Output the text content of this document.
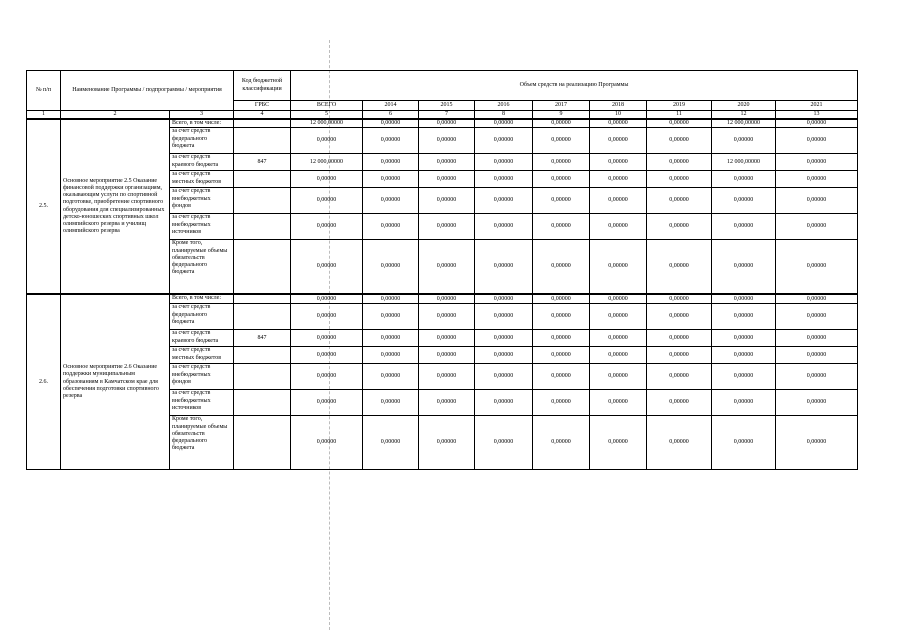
№ п/п	Наименование Программы / подпрограммы / мероприятия		Код бюджетной классификации	Объем средств на реализацию Программы								
			ГРБС	ВСЕГО	2014	2015	2016	2017	2018	2019	2020	2021
1	2	3	4	5	6	7	8	9	10	11	12	13
2.5.	Основное мероприятие 2.5 Оказание финансовой поддержки организациям, оказывающим услуги по спортивной подготовке, приобретение спортивного оборудования для специализированных детско-юношеских спортивных школ олимпийского резерва и училищ олимпийского резерва	Всего, в том числе:		12 000,00000	0,00000	0,00000	0,00000	0,00000	0,00000	0,00000	12 000,00000	0,00000
		за счет средств федерального бюджета		0,00000	0,00000	0,00000	0,00000	0,00000	0,00000	0,00000	0,00000	0,00000
		за счет средств краевого бюджета	847	12 000,00000	0,00000	0,00000	0,00000	0,00000	0,00000	0,00000	12 000,00000	0,00000
		за счет средств местных бюджетов		0,00000	0,00000	0,00000	0,00000	0,00000	0,00000	0,00000	0,00000	0,00000
		за счет средств внебюджетных фондов		0,00000	0,00000	0,00000	0,00000	0,00000	0,00000	0,00000	0,00000	0,00000
		за счет средств внебюджетных источников		0,00000	0,00000	0,00000	0,00000	0,00000	0,00000	0,00000	0,00000	0,00000
		Кроме того, планируемые объемы обязательств федерального бюджета		0,00000	0,00000	0,00000	0,00000	0,00000	0,00000	0,00000	0,00000	0,00000
2.6.	Основное мероприятие 2.6 Оказание поддержки муниципальным образованиям в Камчатском крае для обеспечения подготовки спортивного резерва	Всего, в том числе:		0,00000	0,00000	0,00000	0,00000	0,00000	0,00000	0,00000	0,00000	0,00000
		за счет средств федерального бюджета		0,00000	0,00000	0,00000	0,00000	0,00000	0,00000	0,00000	0,00000	0,00000
		за счет средств краевого бюджета	847	0,00000	0,00000	0,00000	0,00000	0,00000	0,00000	0,00000	0,00000	0,00000
		за счет средств местных бюджетов		0,00000	0,00000	0,00000	0,00000	0,00000	0,00000	0,00000	0,00000	0,00000
		за счет средств внебюджетных фондов		0,00000	0,00000	0,00000	0,00000	0,00000	0,00000	0,00000	0,00000	0,00000
		за счет средств внебюджетных источников		0,00000	0,00000	0,00000	0,00000	0,00000	0,00000	0,00000	0,00000	0,00000
		Кроме того, планируемые объемы обязательств федерального бюджета		0,00000	0,00000	0,00000	0,00000	0,00000	0,00000	0,00000	0,00000	0,00000
